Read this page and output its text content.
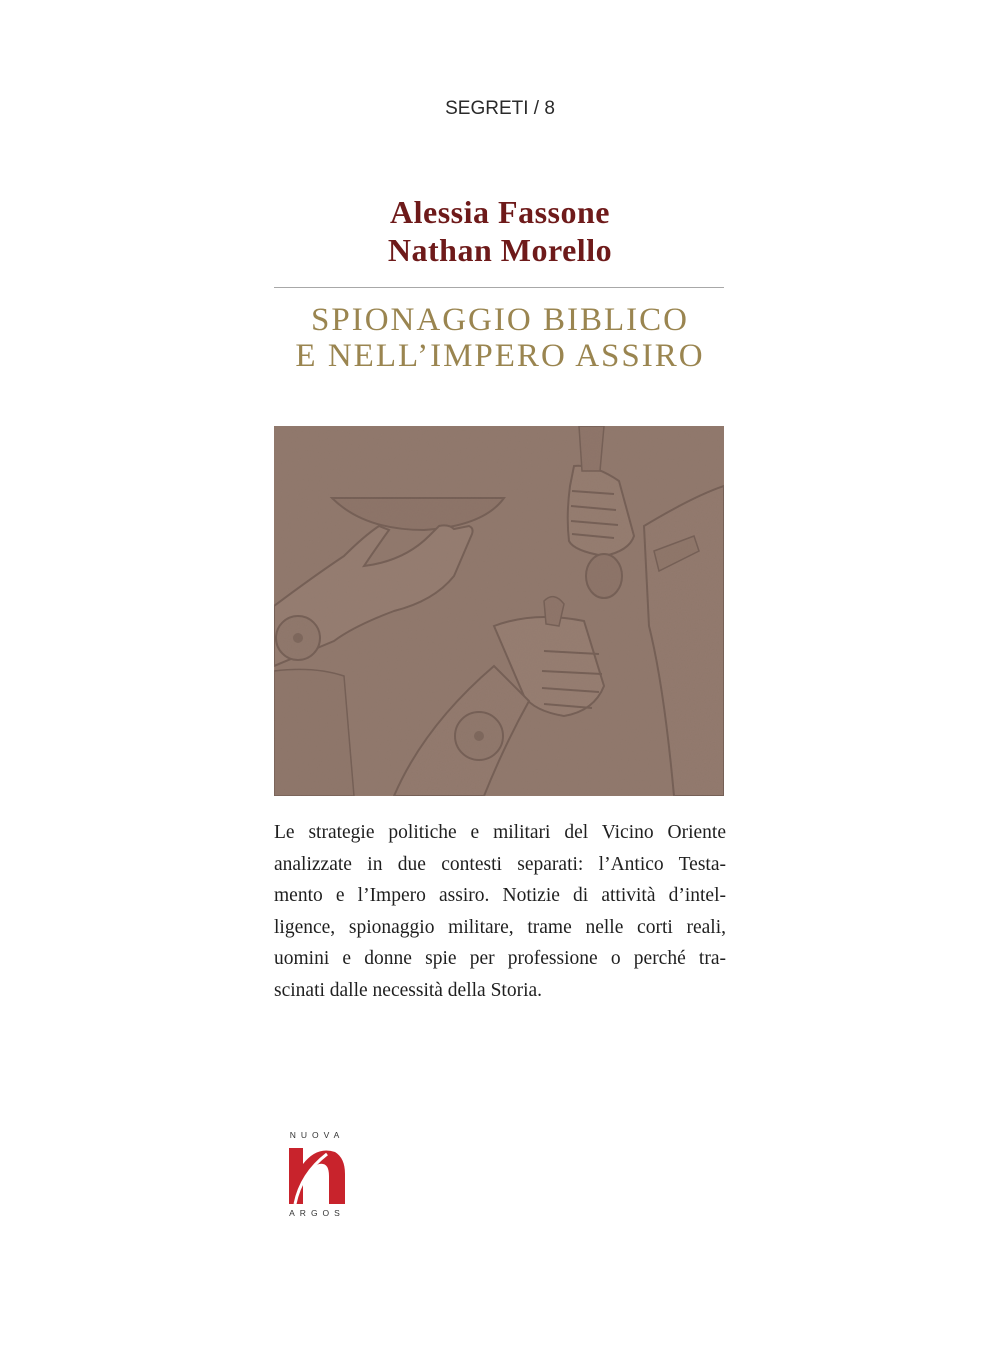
SEGRETI / 8
Alessia Fassone
Nathan Morello
SPIONAGGIO BIBLICO
E NELL’IMPERO ASSIRO
Le strategie politiche e militari del Vicino Oriente
analizzate in due contesti separati: l’Antico Testa-
mento e l’Impero assiro. Notizie di attività d’intel-
ligence, spionaggio militare, trame nelle corti reali,
uomini e donne spie per professione o perché tra-
scinati dalle necessità della Storia.
NUOVA
ARGOS
